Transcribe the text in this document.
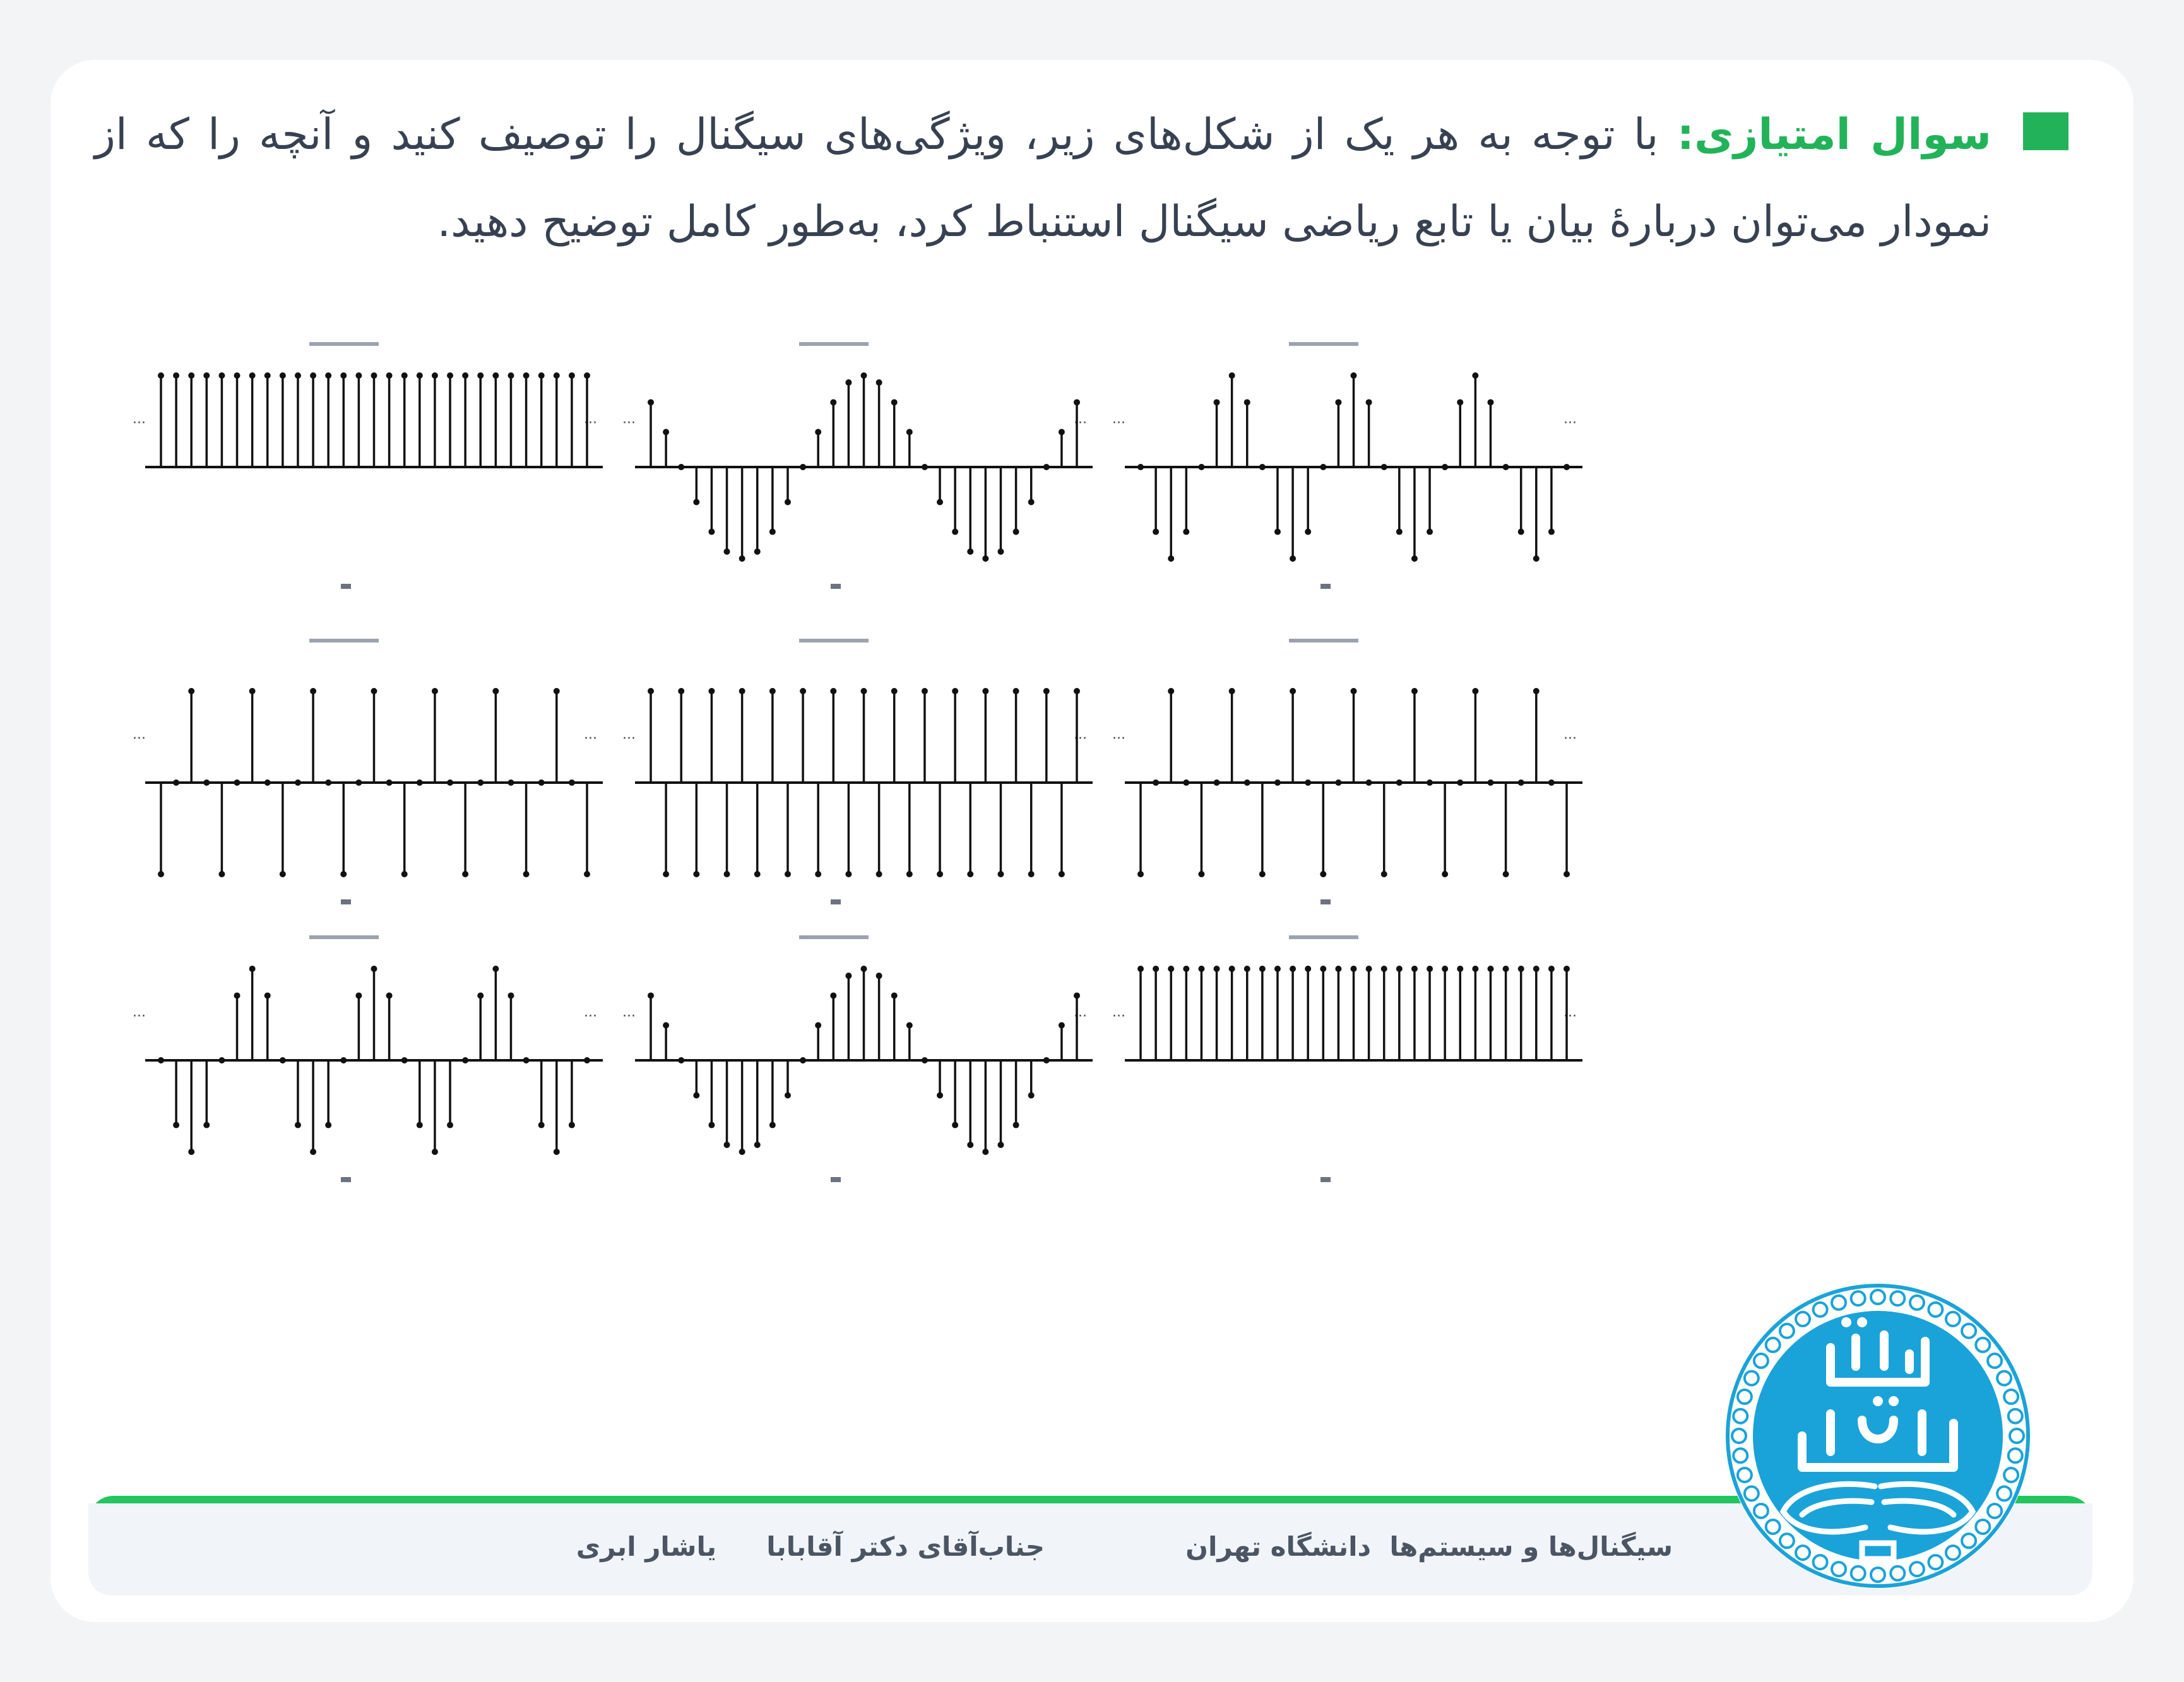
سوال امتیازی: با توجه به هر یک از شکل‌های زیر، ویژگی‌های سیگنال را توصیف کنید و آنچه را که از نمودار می‌توان دربارهٔ بیان یا تابع ریاضی سیگنال استنباط کرد، به‌طور کامل توضیح دهید.
...	... ...	... ...	...
...	... ...	... ...	...
...	... ...	... ...	...
سیگنال‌ها و سیستم‌ها  دانشگاه تهران
جناب‌آقای دکتر آقابابا
یاشار ابری
